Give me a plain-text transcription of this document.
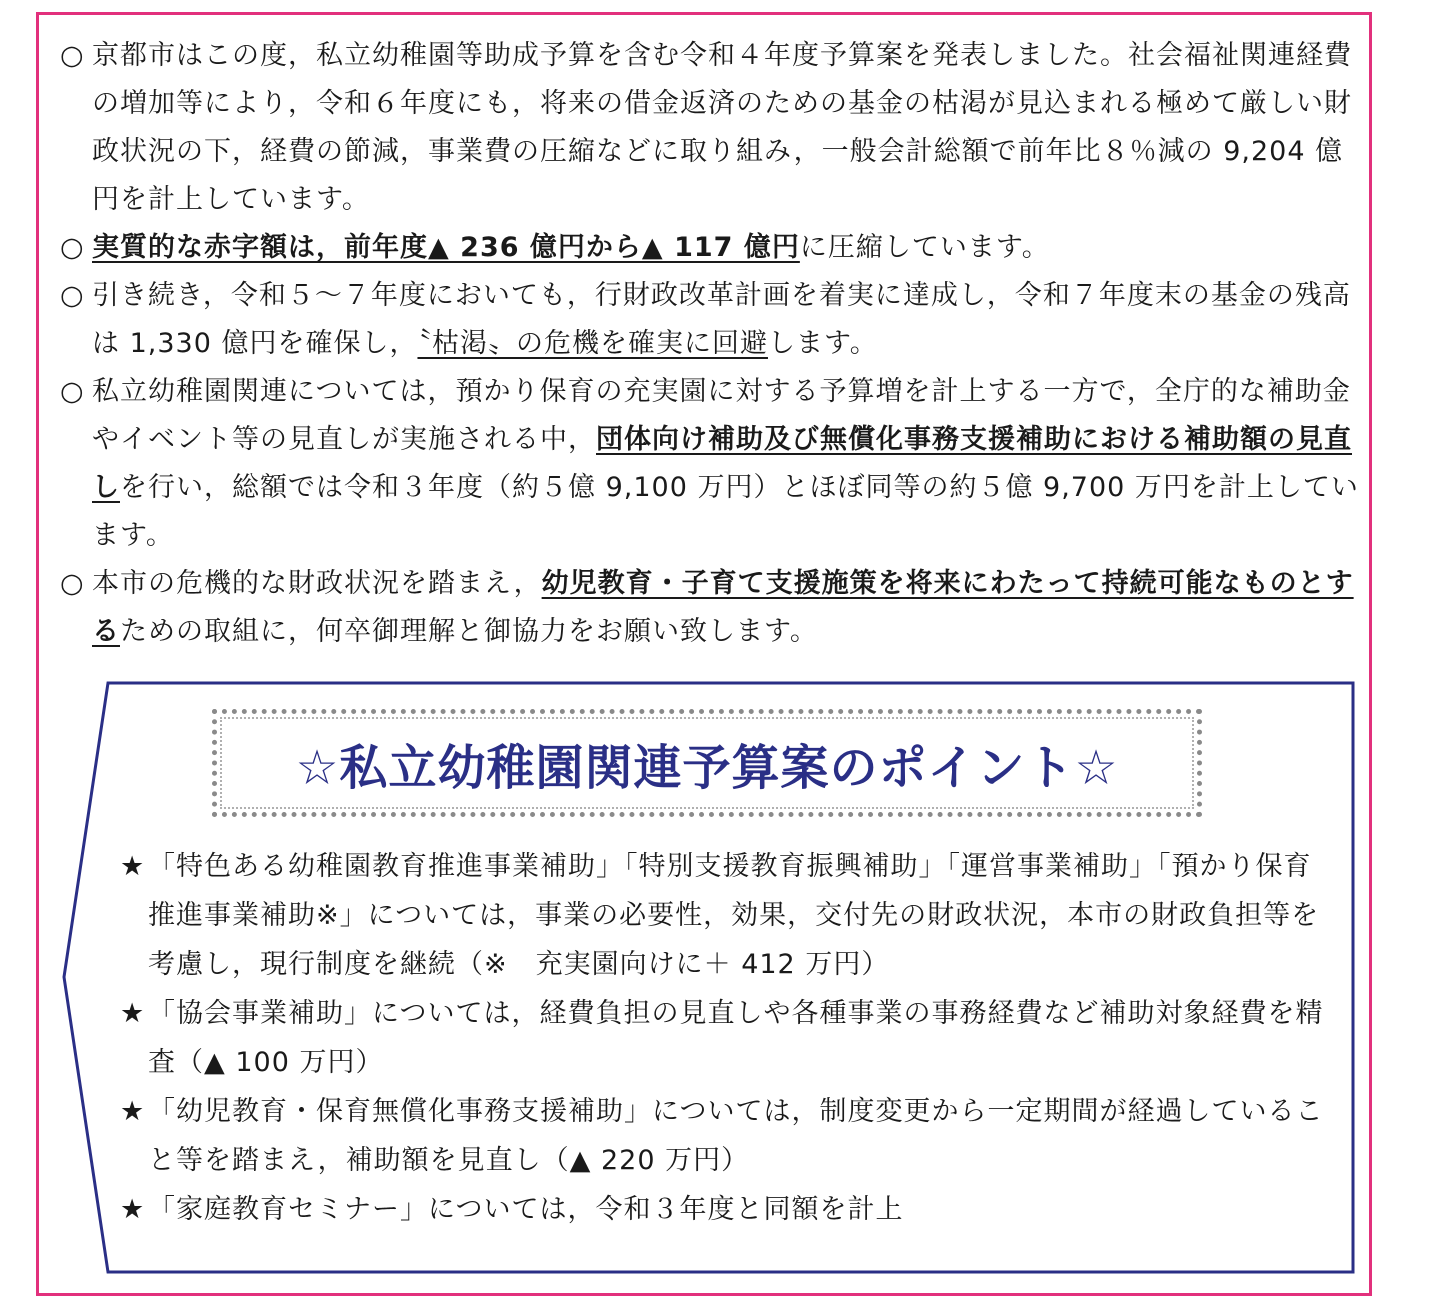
○ 京都市はこの度，私立幼稚園等助成予算を含む令和４年度予算案を発表しました。社会福祉関連経費の増加等により，令和６年度にも，将来の借金返済のための基金の枯渇が見込まれる極めて厳しい財政状況の下，経費の節減，事業費の圧縮などに取り組み，一般会計総額で前年比８％減の 9,204 億円を計上しています。

○ 実質的な赤字額は，前年度▲ 236 億円から▲ 117 億円に圧縮しています。

○ 引き続き，令和５～７年度においても，行財政改革計画を着実に達成し，令和７年度末の基金の残高は 1,330 億円を確保し，〝枯渇〟の危機を確実に回避します。

○ 私立幼稚園関連については，預かり保育の充実園に対する予算増を計上する一方で，全庁的な補助金やイベント等の見直しが実施される中，団体向け補助及び無償化事務支援補助における補助額の見直しを行い，総額では令和３年度（約５億 9,100 万円）とほぼ同等の約５億 9,700 万円を計上しています。

○ 本市の危機的な財政状況を踏まえ，幼児教育・子育て支援施策を将来にわたって持続可能なものとするための取組に，何卒御理解と御協力をお願い致します。

☆私立幼稚園関連予算案のポイント☆

★ 「特色ある幼稚園教育推進事業補助」「特別支援教育振興補助」「運営事業補助」「預かり保育推進事業補助※」については，事業の必要性，効果，交付先の財政状況，本市の財政負担等を考慮し，現行制度を継続（※　充実園向けに＋ 412 万円）

★ 「協会事業補助」については，経費負担の見直しや各種事業の事務経費など補助対象経費を精査（▲ 100 万円）

★ 「幼児教育・保育無償化事務支援補助」については，制度変更から一定期間が経過していること等を踏まえ，補助額を見直し（▲ 220 万円）

★ 「家庭教育セミナー」については，令和３年度と同額を計上
